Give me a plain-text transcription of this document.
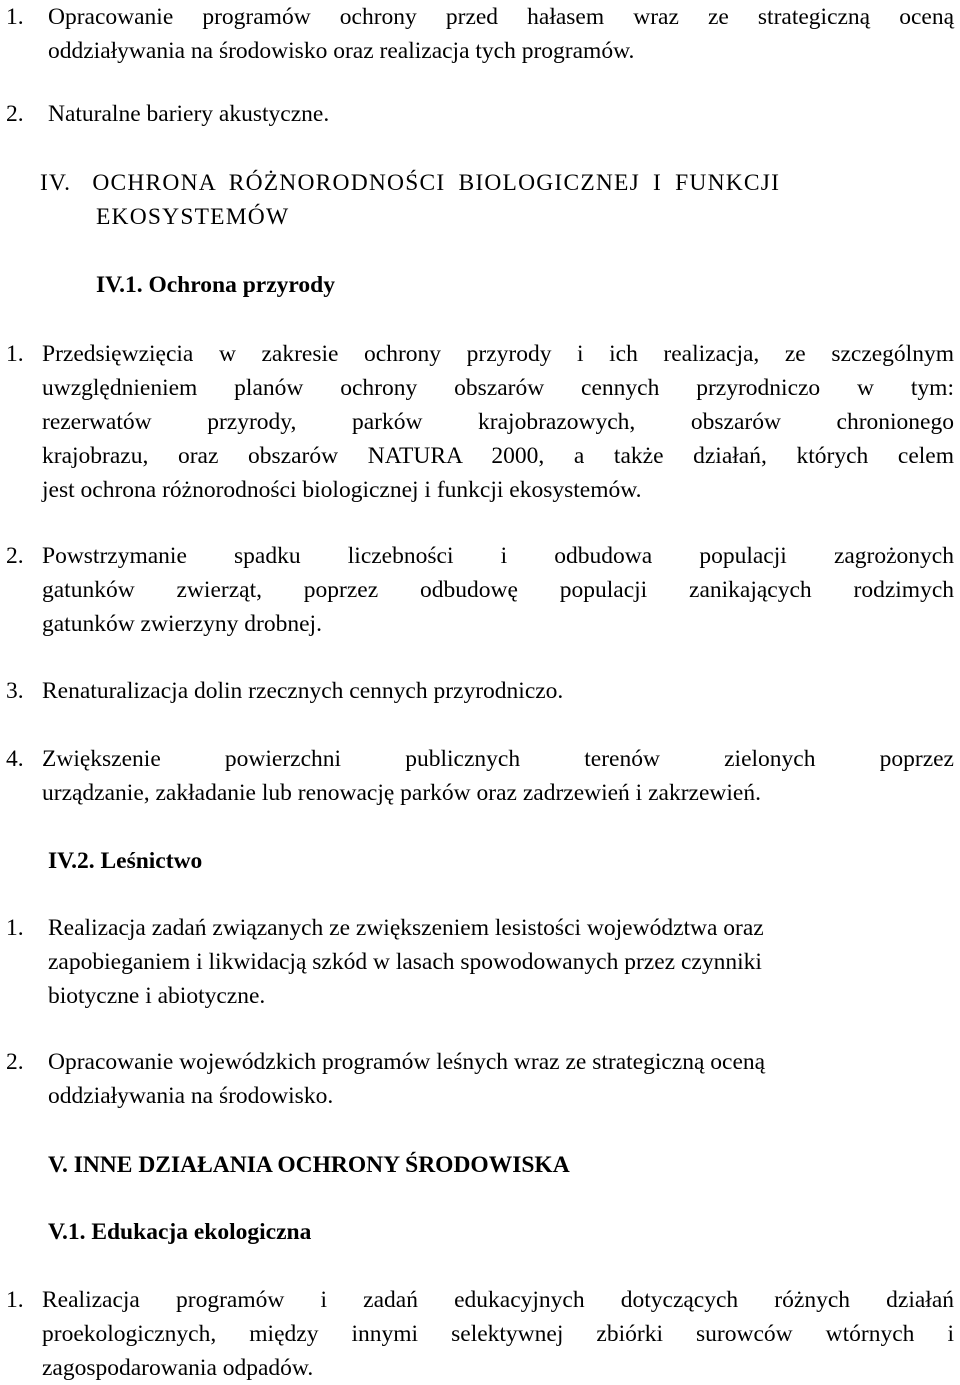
1. Opracowanie programów ochrony przed hałasem wraz ze strategiczną oceną
oddziaływania na środowisko oraz realizacja tych programów.
2. Naturalne bariery akustyczne.
IV. OCHRONA RÓŻNORODNOŚCI BIOLOGICZNEJ I FUNKCJI
EKOSYSTEMÓW
IV.1. Ochrona przyrody
1. Przedsięwzięcia w zakresie ochrony przyrody i ich realizacja, ze szczególnym
uwzględnieniem planów ochrony obszarów cennych przyrodniczo w tym:
rezerwatów przyrody, parków krajobrazowych, obszarów chronionego
krajobrazu, oraz obszarów NATURA 2000, a także działań, których celem
jest ochrona różnorodności biologicznej i funkcji ekosystemów.
2. Powstrzymanie spadku liczebności i odbudowa populacji zagrożonych
gatunków zwierząt, poprzez odbudowę populacji zanikających rodzimych
gatunków zwierzyny drobnej.
3. Renaturalizacja dolin rzecznych cennych przyrodniczo.
4. Zwiększenie powierzchni publicznych terenów zielonych poprzez
urządzanie, zakładanie lub renowację parków oraz zadrzewień i zakrzewień.
IV.2. Leśnictwo
1. Realizacja zadań związanych ze zwiększeniem lesistości województwa oraz
zapobieganiem i likwidacją szkód w lasach spowodowanych przez czynniki
biotyczne i abiotyczne.
2. Opracowanie wojewódzkich programów leśnych wraz ze strategiczną oceną
oddziaływania na środowisko.
V. INNE DZIAŁANIA OCHRONY ŚRODOWISKA
V.1. Edukacja ekologiczna
1. Realizacja programów i zadań edukacyjnych dotyczących różnych działań
proekologicznych, między innymi selektywnej zbiórki surowców wtórnych i
zagospodarowania odpadów.
